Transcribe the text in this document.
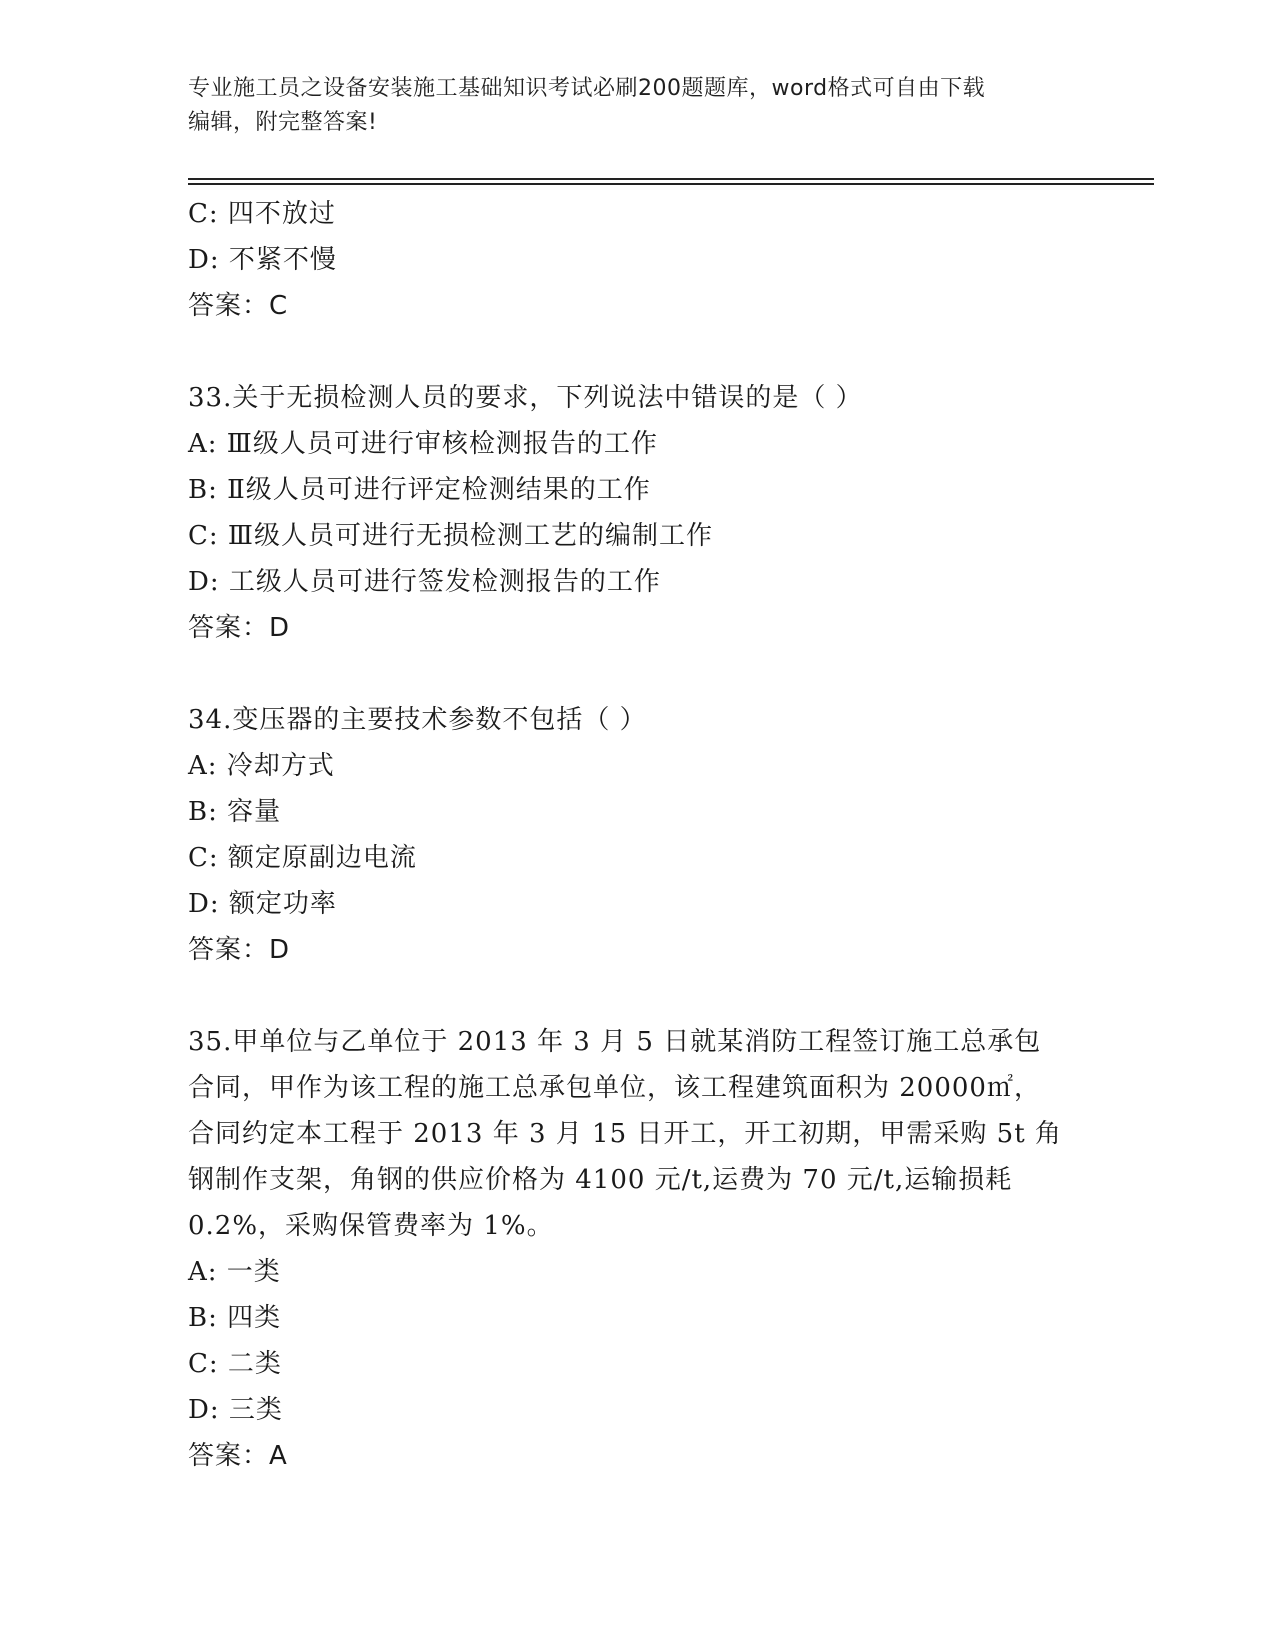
专业施工员之设备安装施工基础知识考试必刷200题题库，word格式可自由下载
编辑，附完整答案!
C: 四不放过
D: 不紧不慢
答案：C
33.关于无损检测人员的要求，下列说法中错误的是（ ）
A: Ⅲ级人员可进行审核检测报告的工作
B: Ⅱ级人员可进行评定检测结果的工作
C: Ⅲ级人员可进行无损检测工艺的编制工作
D: 工级人员可进行签发检测报告的工作
答案：D
34.变压器的主要技术参数不包括（ ）
A: 冷却方式
B: 容量
C: 额定原副边电流
D: 额定功率
答案：D
35.甲单位与乙单位于 2013 年 3 月 5 日就某消防工程签订施工总承包
合同，甲作为该工程的施工总承包单位，该工程建筑面积为 20000㎡，
合同约定本工程于 2013 年 3 月 15 日开工，开工初期，甲需采购 5t 角
钢制作支架，角钢的供应价格为 4100 元/t,运费为 70 元/t,运输损耗
0.2%，采购保管费率为 1%。
A: 一类
B: 四类
C: 二类
D: 三类
答案：A
